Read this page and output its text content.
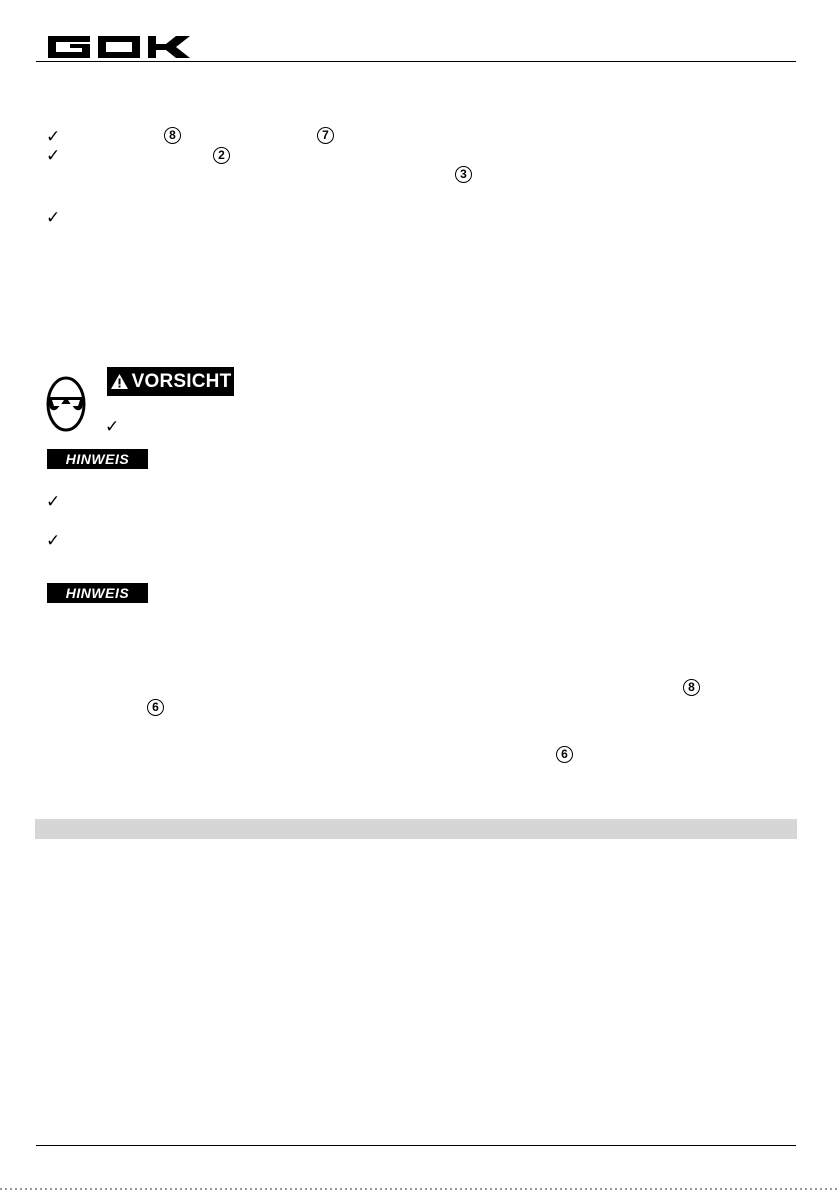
✓	8	7
✓	2
3
✓
VORSICHT
✓
HINWEIS
✓
✓
HINWEIS
8
6
6
